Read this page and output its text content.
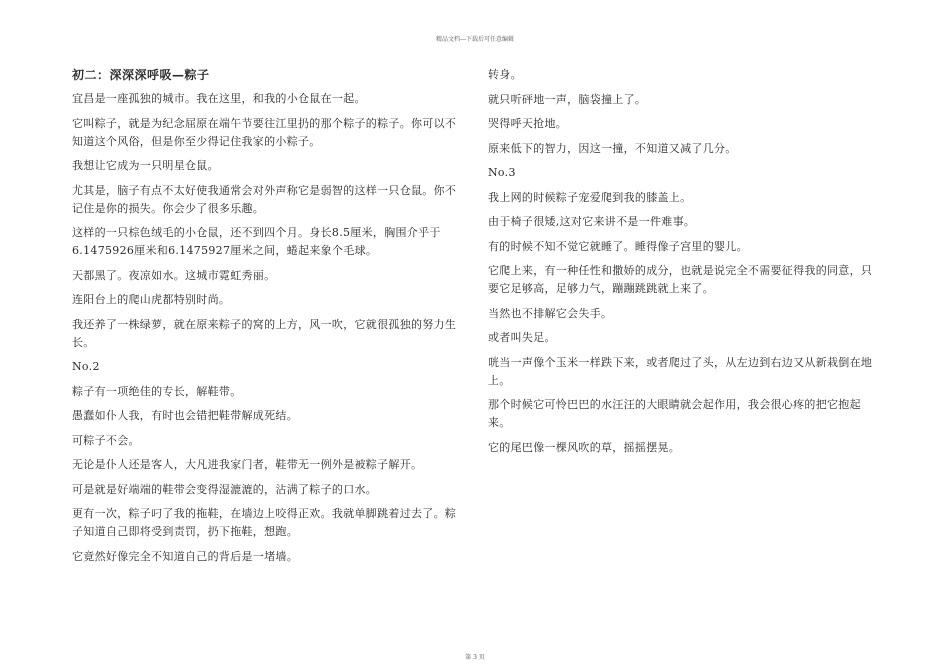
精品文档---下载后可任意编辑
初二：深深深呼吸—粽子
宜昌是一座孤独的城市。我在这里，和我的小仓鼠在一起。
它叫粽子，就是为纪念屈原在端午节要往江里扔的那个粽子的粽子。你可以不知道这个风俗，但是你至少得记住我家的小粽子。
我想让它成为一只明星仓鼠。
尤其是，脑子有点不太好使我通常会对外声称它是弱智的这样一只仓鼠。你不记住是你的损失。你会少了很多乐趣。
这样的一只棕色绒毛的小仓鼠，还不到四个月。身长8.5厘米，胸围介乎于6.1475926厘米和6.1475927厘米之间，蜷起来象个毛球。
天都黑了。夜凉如水。这城市霓虹秀丽。
连阳台上的爬山虎都特别时尚。
我还养了一株绿萝，就在原来粽子的窝的上方，风一吹，它就很孤独的努力生长。
No.2
粽子有一项绝佳的专长，解鞋带。
愚蠢如仆人我，有时也会错把鞋带解成死结。
可粽子不会。
无论是仆人还是客人，大凡进我家门者，鞋带无一例外是被粽子解开。
可是就是好端端的鞋带会变得湿漉漉的，沾满了粽子的口水。
更有一次，粽子叼了我的拖鞋，在墙边上咬得正欢。我就单脚跳着过去了。粽子知道自己即将受到责罚，扔下拖鞋，想跑。
它竟然好像完全不知道自己的背后是一堵墙。
转身。
就只听砰地一声，脑袋撞上了。
哭得呼天抢地。
原来低下的智力，因这一撞，不知道又减了几分。
No.3
我上网的时候粽子宠爱爬到我的膝盖上。
由于椅子很矮,这对它来讲不是一件难事。
有的时候不知不觉它就睡了。睡得像子宫里的婴儿。
它爬上来，有一种任性和撒娇的成分，也就是说完全不需要征得我的同意，只要它足够高，足够力气，蹦蹦跳跳就上来了。
当然也不排解它会失手。
或者叫失足。
咣当一声像个玉米一样跌下来，或者爬过了头，从左边到右边又从新栽倒在地上。
那个时候它可怜巴巴的水汪汪的大眼睛就会起作用，我会很心疼的把它抱起来。
它的尾巴像一棵风吹的草，摇摇摆晃。
第 3 页
